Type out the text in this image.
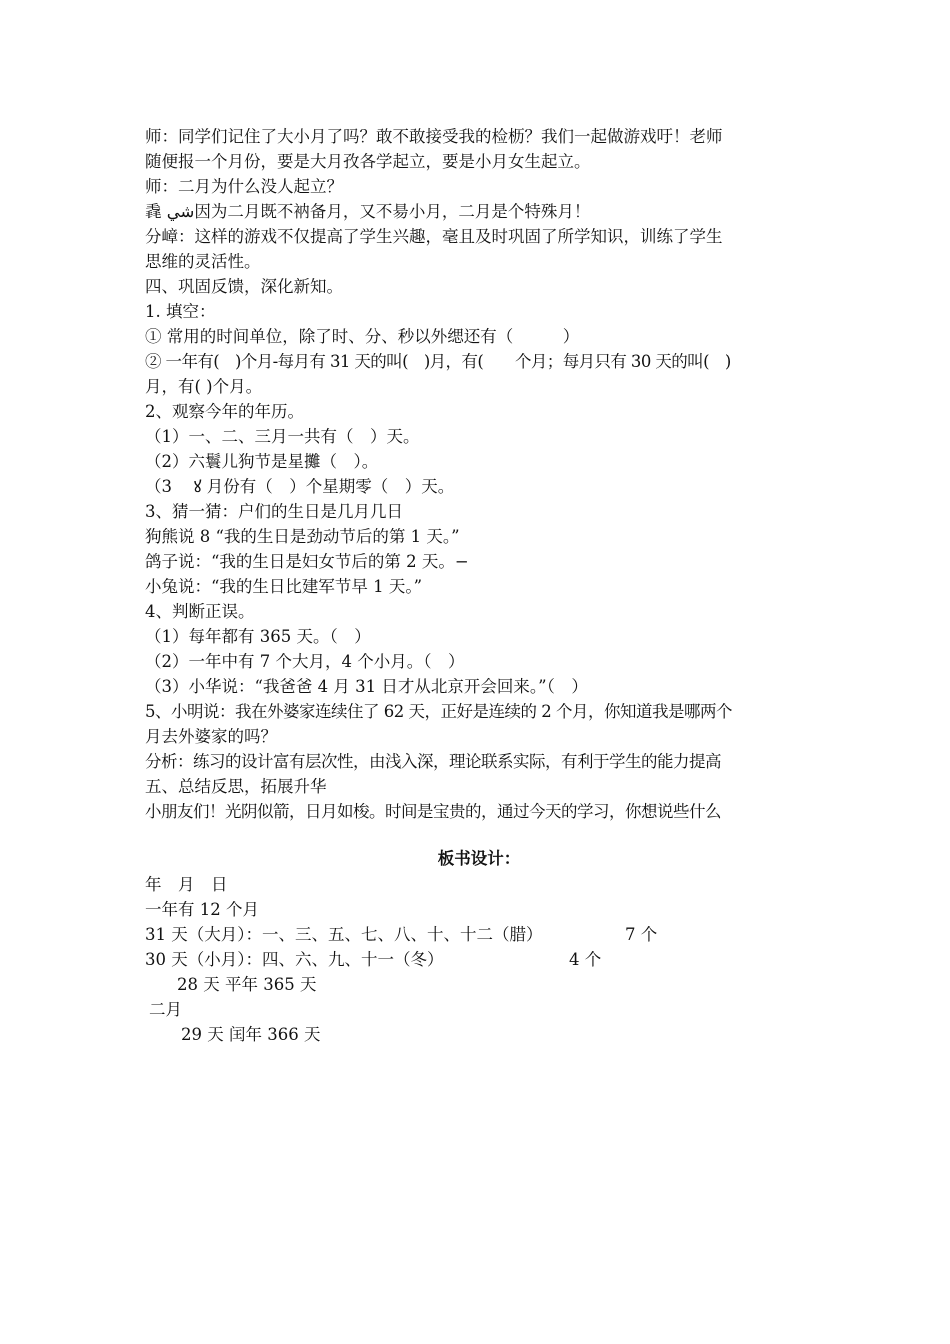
师：同学们记住了大小月了吗？敢不敢接受我的检枥？我们一起做游戏吁！老师
随便报一个月份，要是大月孜各学起立，要是小月女生起立。
师：二月为什么没人起立？
毳 شي因为二月既不衲备月，又不昜小月，二月是个特殊月！
分嶂：这样的游戏不仅提高了学生兴趣，毫且及时巩固了所学知识，训练了学生
思维的灵活性。
四、巩固反馈，深化新知。
1. 填空：
① 常用的时间单位，除了时、分、秒以外缌还有（　　　）
② 一年有(　)个月-每月有 31 天的叫(　)月，有(　　个月；每月只有 30 天的叫(　)
月，有( )个月。
2、观察今年的年历。
（1）一、二、三月一共有（　）天。
（2）六鬟儿狗节是星攤（　）。
（3　 ꙋ 月份有（　）个星期零（　）天。
3、猜一猜：户们的生日是几月几日
狗熊说 8 “我的生日是劲动节后的第 1 天。”
鸽子说：“我的生日是妇女节后的第 2 天。−
小兔说：“我的生日比建军节早 1 天。”
4、判断正误。
（1）每年都有 365 天。（　）
（2）一年中有 7 个大月，4 个小月。（　）
（3）小华说：“我爸爸 4 月 31 日才从北京开会回来。”（　）
5、小明说：我在外婆家连续住了 62 天，正好是连续的 2 个月，你知道我是哪两个
月去外婆家的吗？
分析：练习的设计富有层次性，由浅入深，理论联系实际，有利于学生的能力提高
五、总结反思，拓展升华
小朋友们！光阴似箭，日月如梭。时间是宝贵的，通过今天的学习，你想说些什么
板书设计：
年　月　日
一年有 12 个月
31 天（大月）：一、三、五、七、八、十、十二（腊）	7 个
30 天（小月）：四、六、九、十一（冬）	4 个
28 天 平年 365 天
二月
29 天 闰年 366 天
